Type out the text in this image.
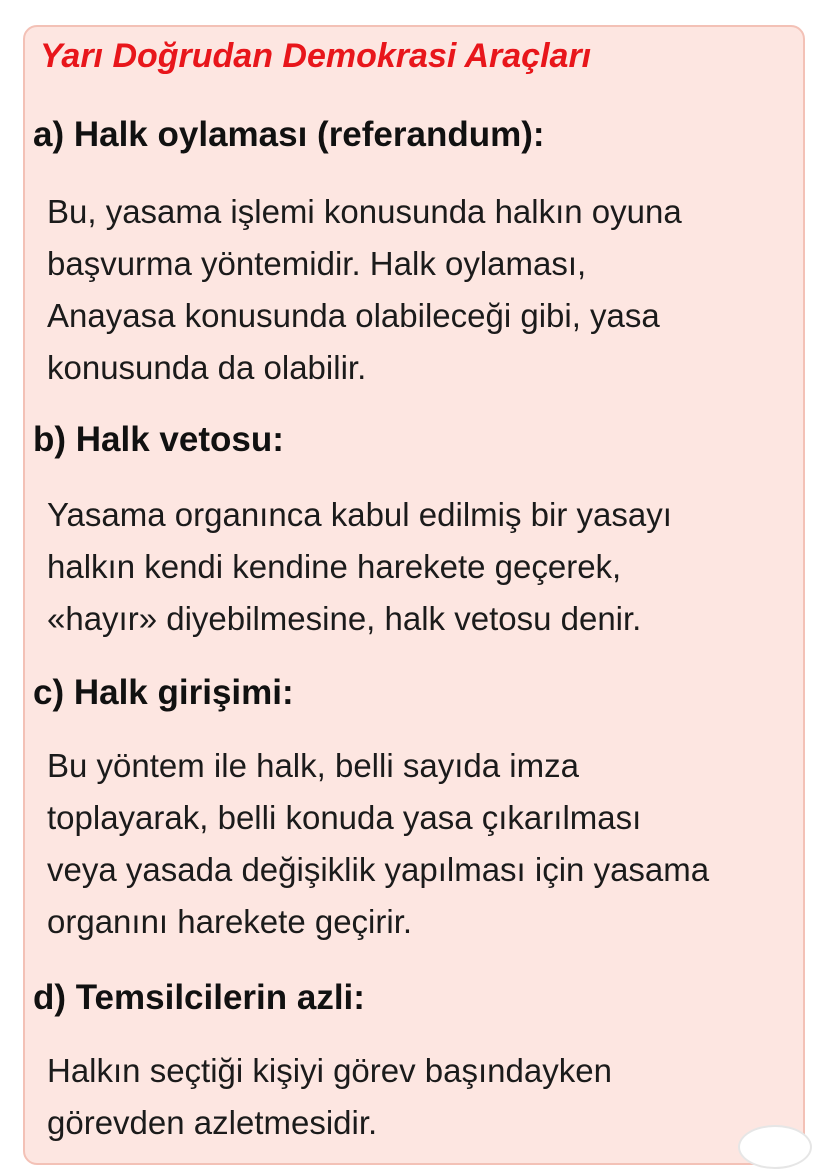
Yarı Doğrudan Demokrasi Araçları
a) Halk oylaması (referandum):
Bu, yasama işlemi konusunda halkın oyuna
başvurma yöntemidir. Halk oylaması,
Anayasa konusunda olabileceği gibi, yasa
konusunda da olabilir.
b) Halk vetosu:
Yasama organınca kabul edilmiş bir yasayı
halkın kendi kendine harekete geçerek,
«hayır» diyebilmesine, halk vetosu denir.
c) Halk girişimi:
Bu yöntem ile halk, belli sayıda imza
toplayarak, belli konuda yasa çıkarılması
veya yasada değişiklik yapılması için yasama
organını harekete geçirir.
d) Temsilcilerin azli:
Halkın seçtiği kişiyi görev başındayken
görevden azletmesidir.
